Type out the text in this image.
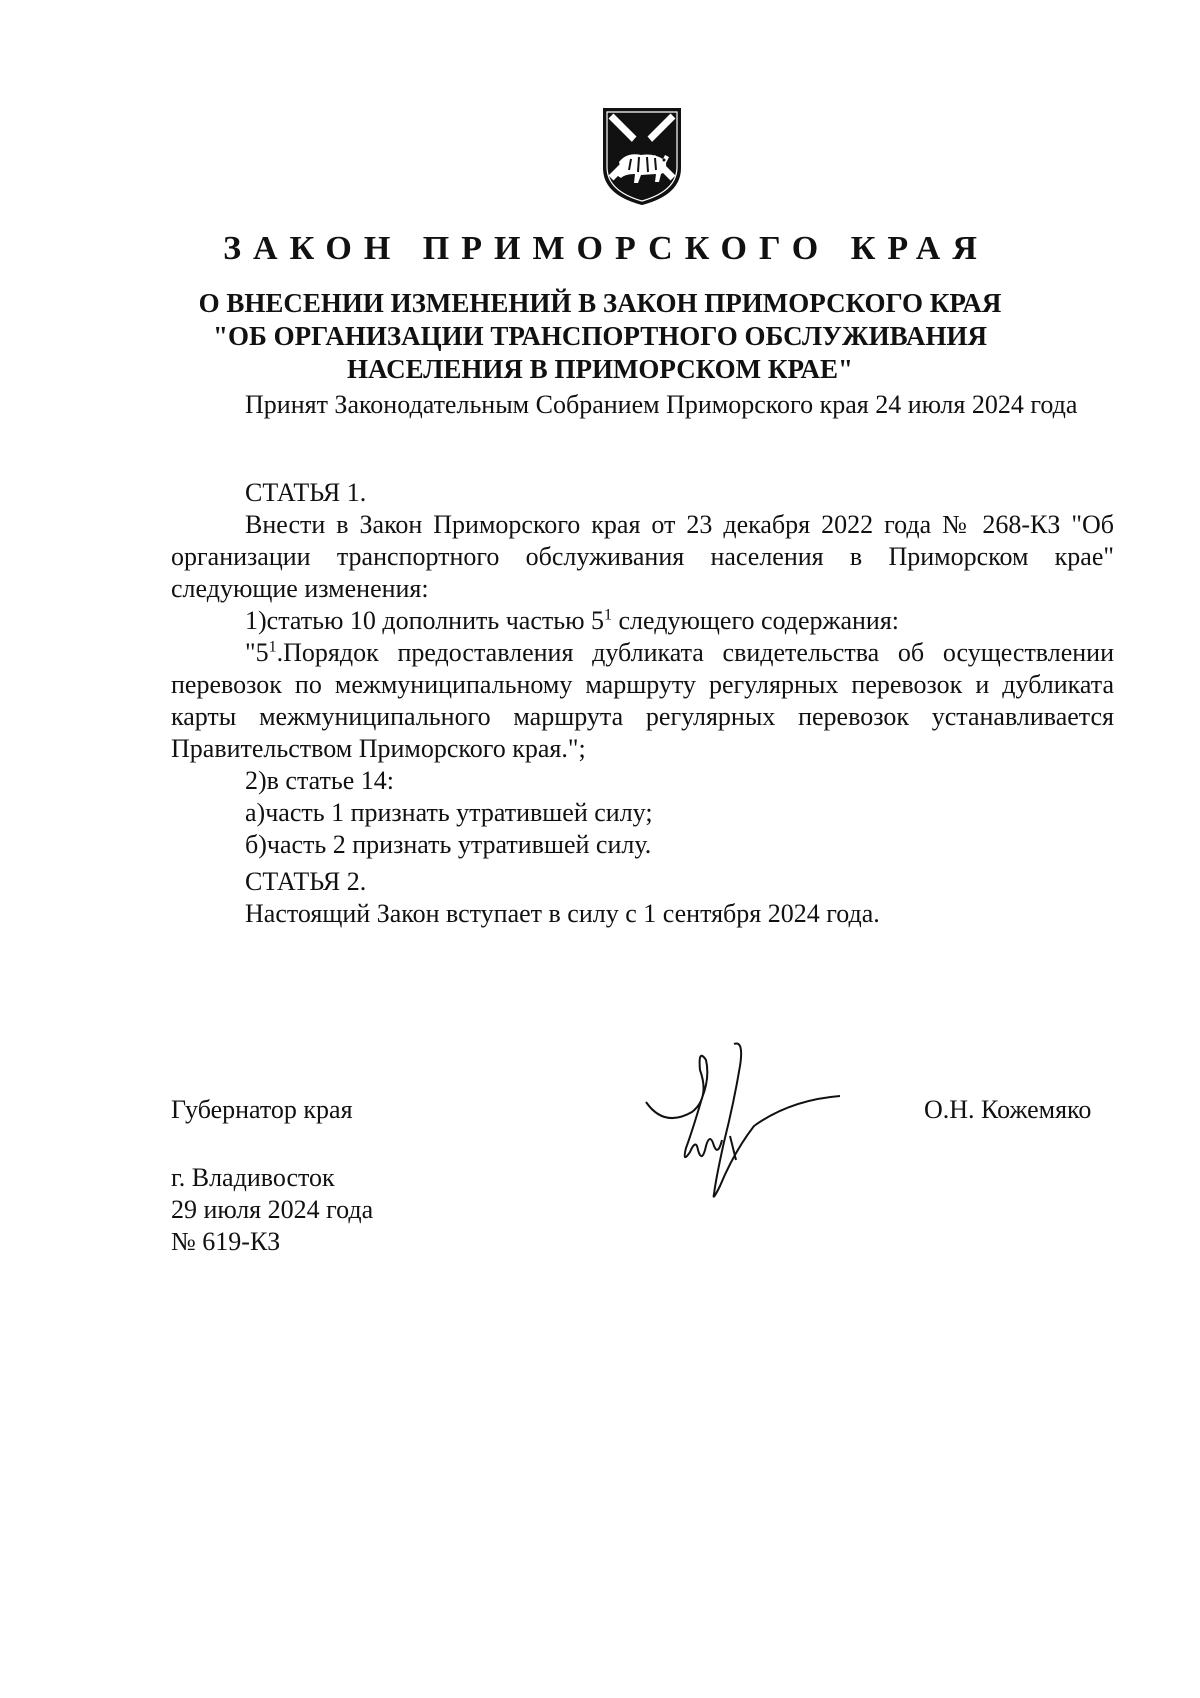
ЗАКОН ПРИМОРСКОГО КРАЯ
О ВНЕСЕНИИ ИЗМЕНЕНИЙ В ЗАКОН ПРИМОРСКОГО КРАЯ
"ОБ ОРГАНИЗАЦИИ ТРАНСПОРТНОГО ОБСЛУЖИВАНИЯ
НАСЕЛЕНИЯ В ПРИМОРСКОМ КРАЕ"
Принят Законодательным Собранием Приморского края 24 июля 2024 года
СТАТЬЯ 1.
Внести в Закон Приморского края от 23 декабря 2022 года № 268-КЗ "Об организации транспортного обслуживания населения в Приморском крае" следующие изменения:
1)статью 10 дополнить частью $5^1$ следующего содержания:
"$5^1.Порядок$ предоставления дубликата свидетельства об осуществлении перевозок по межмуниципальному маршруту регулярных перевозок и дубликата карты межмуниципального маршрута регулярных перевозок устанавливается Правительством Приморского края.";
2)в статье 14:
а)часть 1 признать утратившей силу;
б)часть 2 признать утратившей силу.
СТАТЬЯ 2.
Настоящий Закон вступает в силу с 1 сентября 2024 года.
Губернатор края	О.Н. Кожемяко
г. Владивосток
29 июля 2024 года
№ 619-КЗ
